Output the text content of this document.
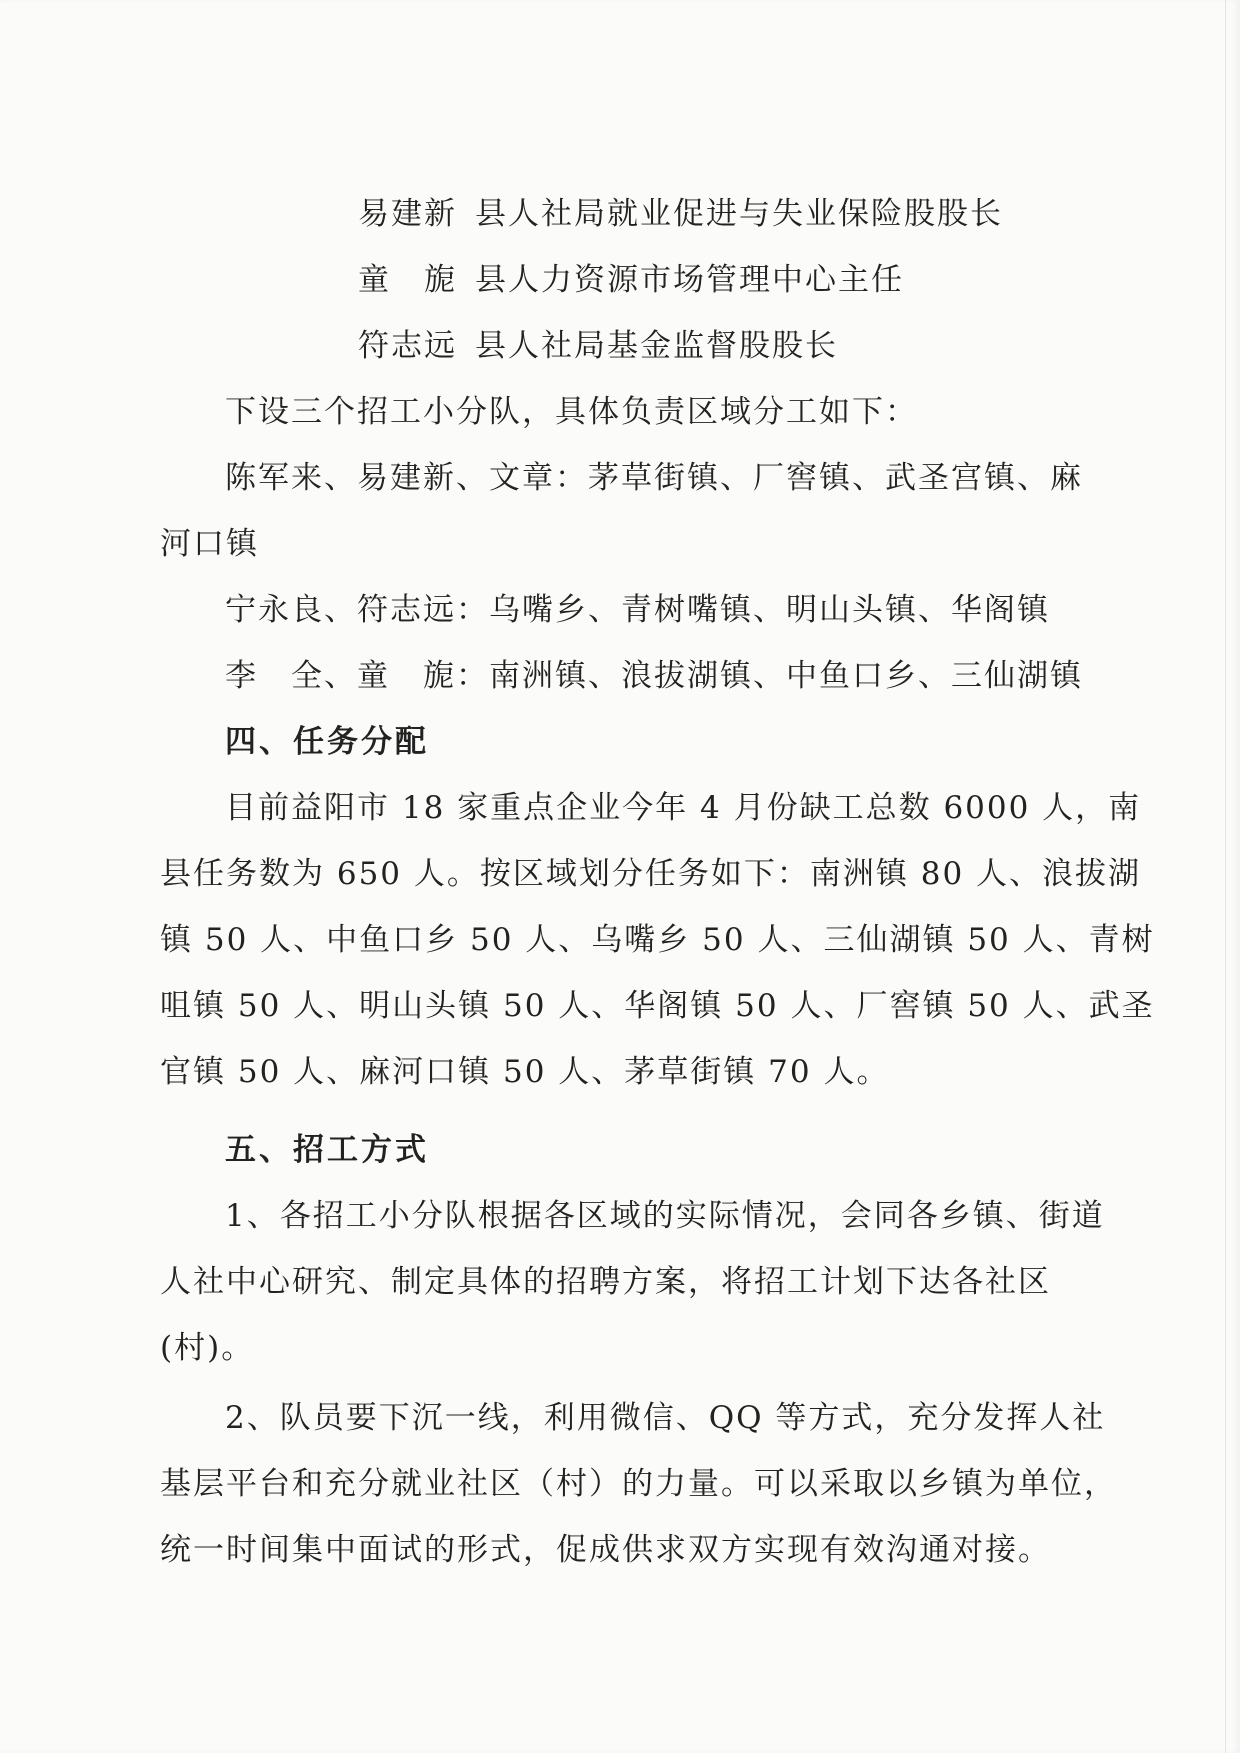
易建新 县人社局就业促进与失业保险股股长
童　旎 县人力资源市场管理中心主任
符志远 县人社局基金监督股股长
下设三个招工小分队，具体负责区域分工如下：
陈军来、易建新、文章：茅草街镇、厂窖镇、武圣宫镇、麻
河口镇
宁永良、符志远：乌嘴乡、青树嘴镇、明山头镇、华阁镇
李　全、童　旎：南洲镇、浪拔湖镇、中鱼口乡、三仙湖镇
四、任务分配
目前益阳市 18 家重点企业今年 4 月份缺工总数 6000 人，南
县任务数为 650 人。按区域划分任务如下：南洲镇 80 人、浪拔湖
镇 50 人、中鱼口乡 50 人、乌嘴乡 50 人、三仙湖镇 50 人、青树
咀镇 50 人、明山头镇 50 人、华阁镇 50 人、厂窖镇 50 人、武圣
官镇 50 人、麻河口镇 50 人、茅草街镇 70 人。
五、招工方式
1、各招工小分队根据各区域的实际情况，会同各乡镇、街道
人社中心研究、制定具体的招聘方案，将招工计划下达各社区
(村)。
2、队员要下沉一线，利用微信、QQ 等方式，充分发挥人社
基层平台和充分就业社区（村）的力量。可以采取以乡镇为单位，
统一时间集中面试的形式，促成供求双方实现有效沟通对接。
